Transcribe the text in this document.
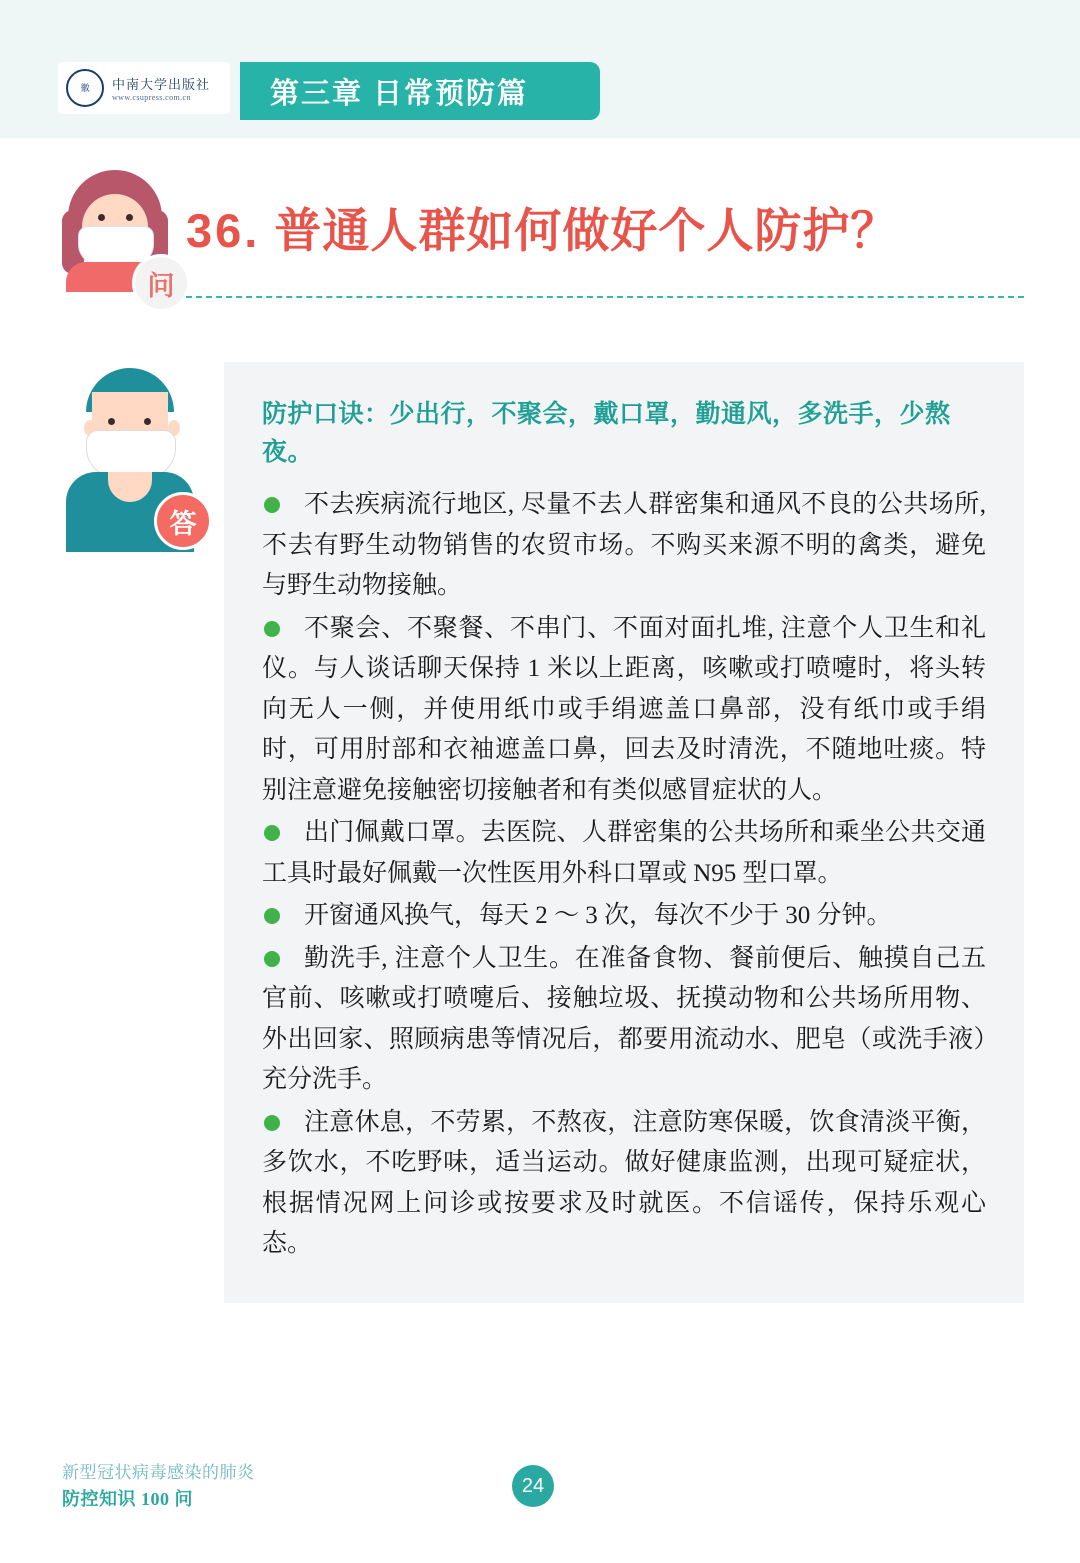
徽 中南大学出版社
www.csupress.com.cn	第三章 日常预防篇
问
36. 普通人群如何做好个人防护？
答

防护口诀：少出行，不聚会，戴口罩，勤通风，多洗手，少熬夜。

不去疾病流行地区, 尽量不去人群密集和通风不良的公共场所, 不去有野生动物销售的农贸市场。不购买来源不明的禽类，避免与野生动物接触。

不聚会、不聚餐、不串门、不面对面扎堆, 注意个人卫生和礼仪。与人谈话聊天保持 1 米以上距离，咳嗽或打喷嚏时，将头转向无人一侧，并使用纸巾或手绢遮盖口鼻部，没有纸巾或手绢时，可用肘部和衣袖遮盖口鼻，回去及时清洗，不随地吐痰。特别注意避免接触密切接触者和有类似感冒症状的人。

出门佩戴口罩。去医院、人群密集的公共场所和乘坐公共交通工具时最好佩戴一次性医用外科口罩或 N95 型口罩。

开窗通风换气，每天 2 ～ 3 次，每次不少于 30 分钟。

勤洗手, 注意个人卫生。在准备食物、餐前便后、触摸自己五官前、咳嗽或打喷嚏后、接触垃圾、抚摸动物和公共场所用物、外出回家、照顾病患等情况后，都要用流动水、肥皂（或洗手液）充分洗手。

注意休息，不劳累，不熬夜，注意防寒保暖，饮食清淡平衡，多饮水，不吃野味，适当运动。做好健康监测，出现可疑症状，根据情况网上问诊或按要求及时就医。不信谣传，保持乐观心态。

新型冠状病毒感染的肺炎
防控知识 100 问
24
